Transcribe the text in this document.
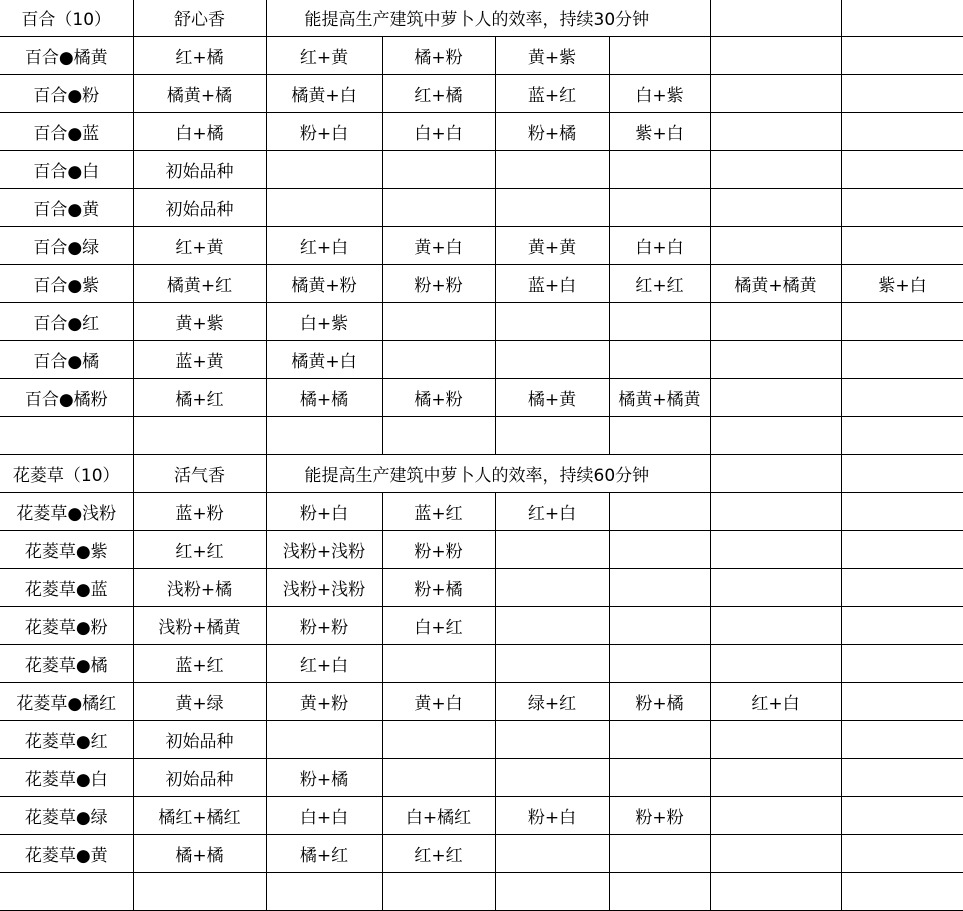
百合（10）	舒心香	能提高生产建筑中萝卜人的效率，持续30分钟					
百合●橘黄	红+橘	红+黄	橘+粉	黄+紫			
百合●粉	橘黄+橘	橘黄+白	红+橘	蓝+红	白+紫		
百合●蓝	白+橘	粉+白	白+白	粉+橘	紫+白		
百合●白	初始品种						
百合●黄	初始品种						
百合●绿	红+黄	红+白	黄+白	黄+黄	白+白		
百合●紫	橘黄+红	橘黄+粉	粉+粉	蓝+白	红+红	橘黄+橘黄	紫+白
百合●红	黄+紫	白+紫					
百合●橘	蓝+黄	橘黄+白					
百合●橘粉	橘+红	橘+橘	橘+粉	橘+黄	橘黄+橘黄		

花菱草（10）	活气香	能提高生产建筑中萝卜人的效率，持续60分钟					
花菱草●浅粉	蓝+粉	粉+白	蓝+红	红+白			
花菱草●紫	红+红	浅粉+浅粉	粉+粉				
花菱草●蓝	浅粉+橘	浅粉+浅粉	粉+橘				
花菱草●粉	浅粉+橘黄	粉+粉	白+红				
花菱草●橘	蓝+红	红+白					
花菱草●橘红	黄+绿	黄+粉	黄+白	绿+红	粉+橘	红+白	
花菱草●红	初始品种						
花菱草●白	初始品种	粉+橘					
花菱草●绿	橘红+橘红	白+白	白+橘红	粉+白	粉+粉		
花菱草●黄	橘+橘	橘+红	红+红				
